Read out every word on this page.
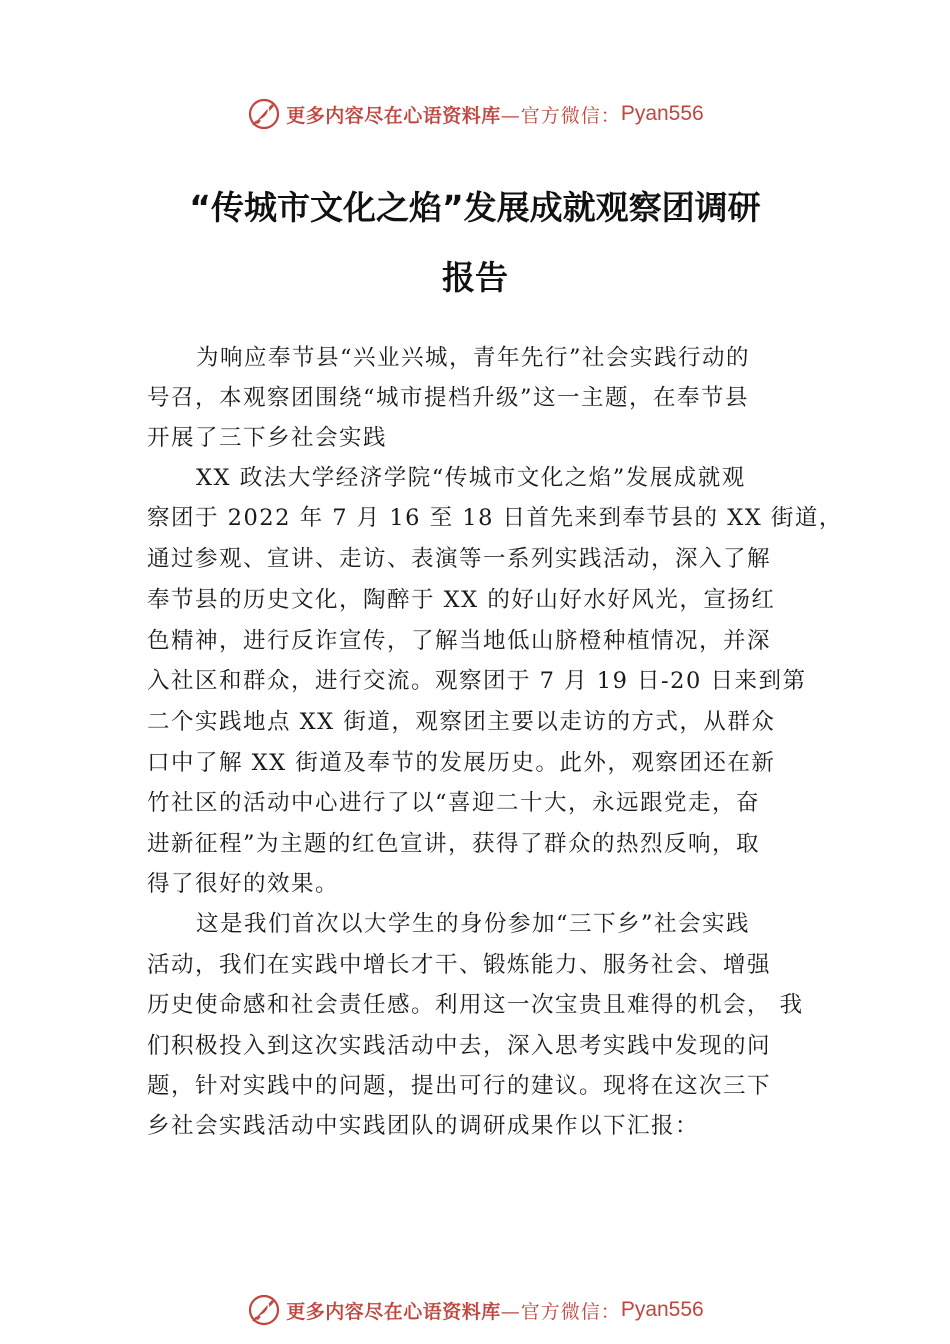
更多内容尽在心语资料库 —官方微信： Pyan556
“传城市文化之焰”发展成就观察团调研
报告
为响应奉节县“兴业兴城，青年先行”社会实践行动的
号召，本观察团围绕“城市提档升级”这一主题，在奉节县
开展了三下乡社会实践
XX 政法大学经济学院“传城市文化之焰”发展成就观
察团于 2022 年 7 月 16 至 18 日首先来到奉节县的 XX 街道，
通过参观、宣讲、走访、表演等一系列实践活动，深入了解
奉节县的历史文化，陶醉于 XX 的好山好水好风光，宣扬红
色精神，进行反诈宣传，了解当地低山脐橙种植情况，并深
入社区和群众，进行交流。观察团于 7 月 19 日-20 日来到第
二个实践地点 XX 街道，观察团主要以走访的方式，从群众
口中了解 XX 街道及奉节的发展历史。此外，观察团还在新
竹社区的活动中心进行了以“喜迎二十大，永远跟党走，奋
进新征程”为主题的红色宣讲，获得了群众的热烈反响，取
得了很好的效果。
这是我们首次以大学生的身份参加“三下乡”社会实践
活动，我们在实践中增长才干、锻炼能力、服务社会、增强
历史使命感和社会责任感。利用这一次宝贵且难得的机会， 我
们积极投入到这次实践活动中去，深入思考实践中发现的问
题，针对实践中的问题，提出可行的建议。现将在这次三下
乡社会实践活动中实践团队的调研成果作以下汇报：
更多内容尽在心语资料库 —官方微信： Pyan556
